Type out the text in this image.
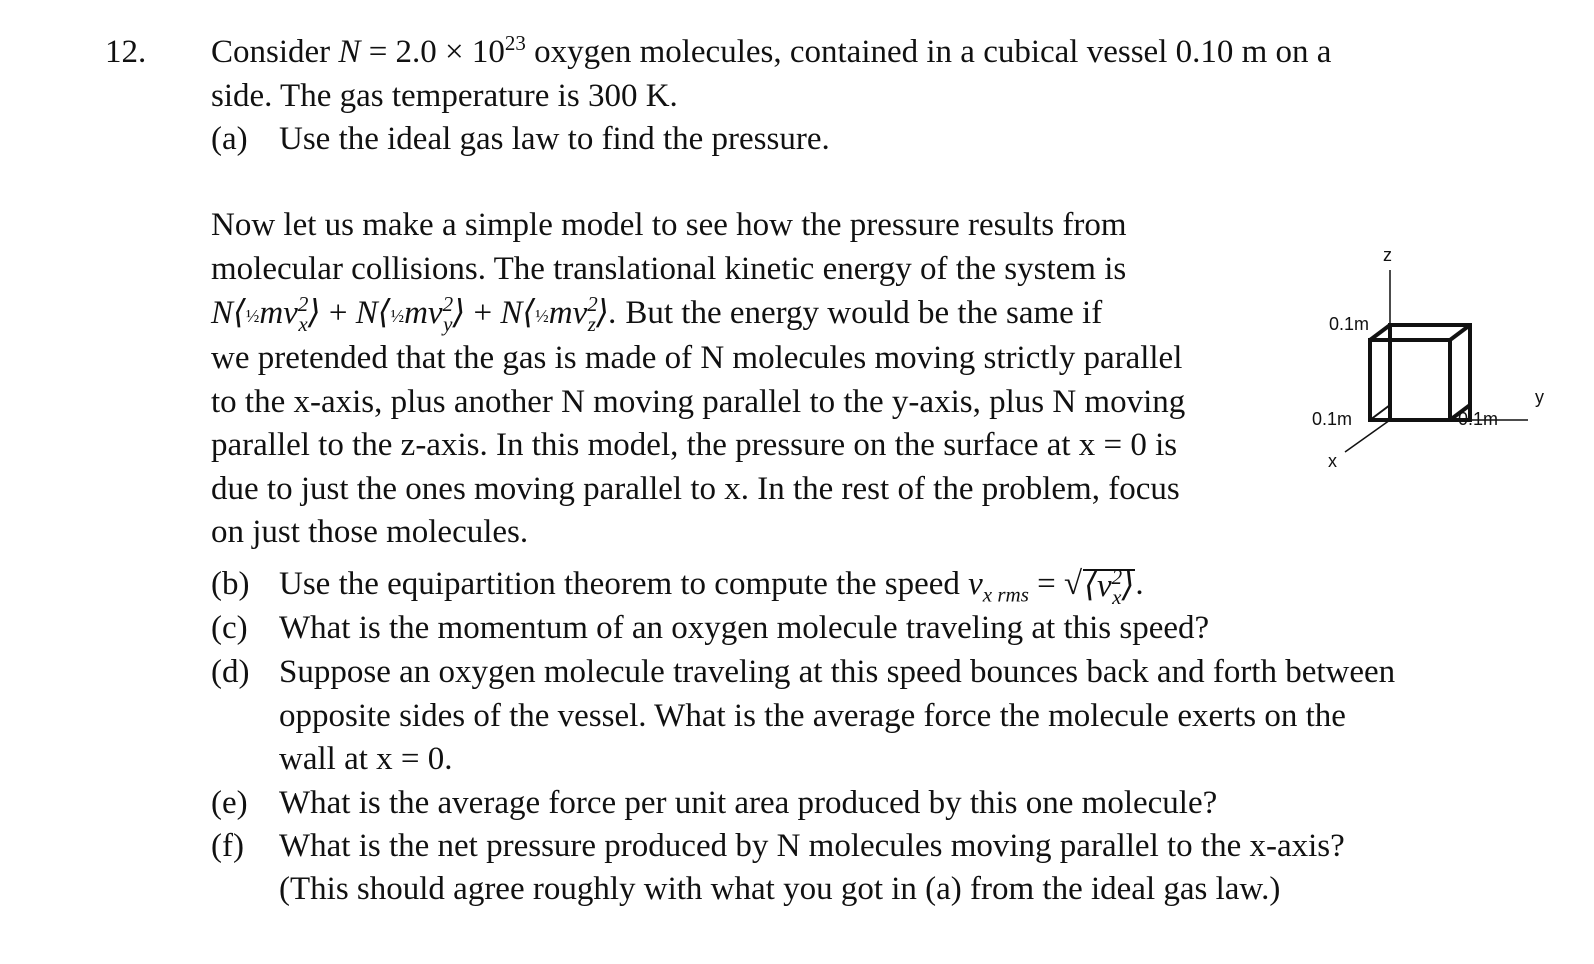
12. Consider $N = 2.0 \times 10^{23}$ oxygen molecules, contained in a cubical vessel 0.10 m on a
side. The gas temperature is 300 K.
(a) Use the ideal gas law to find the pressure.
Now let us make a simple model to see how the pressure results from
molecular collisions. The translational kinetic energy of the system is
$N⟨\frac{1}{2}mv^2_x⟩$ + $N⟨\frac{1}{2}mv^2_y⟩$ + $N⟨\frac{1}{2}mv^2_z⟩$. But the energy would be the same if
we pretended that the gas is made of N molecules moving strictly parallel
to the x-axis, plus another N moving parallel to the y-axis, plus N moving
parallel to the z-axis. In this model, the pressure on the surface at x = 0 is
due to just the ones moving parallel to x. In the rest of the problem, focus
on just those molecules.
(b) Use the equipartition theorem to compute the speed $v_{x rms}$ = $√⟨v^2_x⟩$.
(c) What is the momentum of an oxygen molecule traveling at this speed?
(d) Suppose an oxygen molecule traveling at this speed bounces back and forth between
opposite sides of the vessel. What is the average force the molecule exerts on the
wall at x = 0.
(e) What is the average force per unit area produced by this one molecule?
(f) What is the net pressure produced by N molecules moving parallel to the x-axis?
(This should agree roughly with what you got in (a) from the ideal gas law.)
z
y
x
0.1m
0.1m	0.1m
